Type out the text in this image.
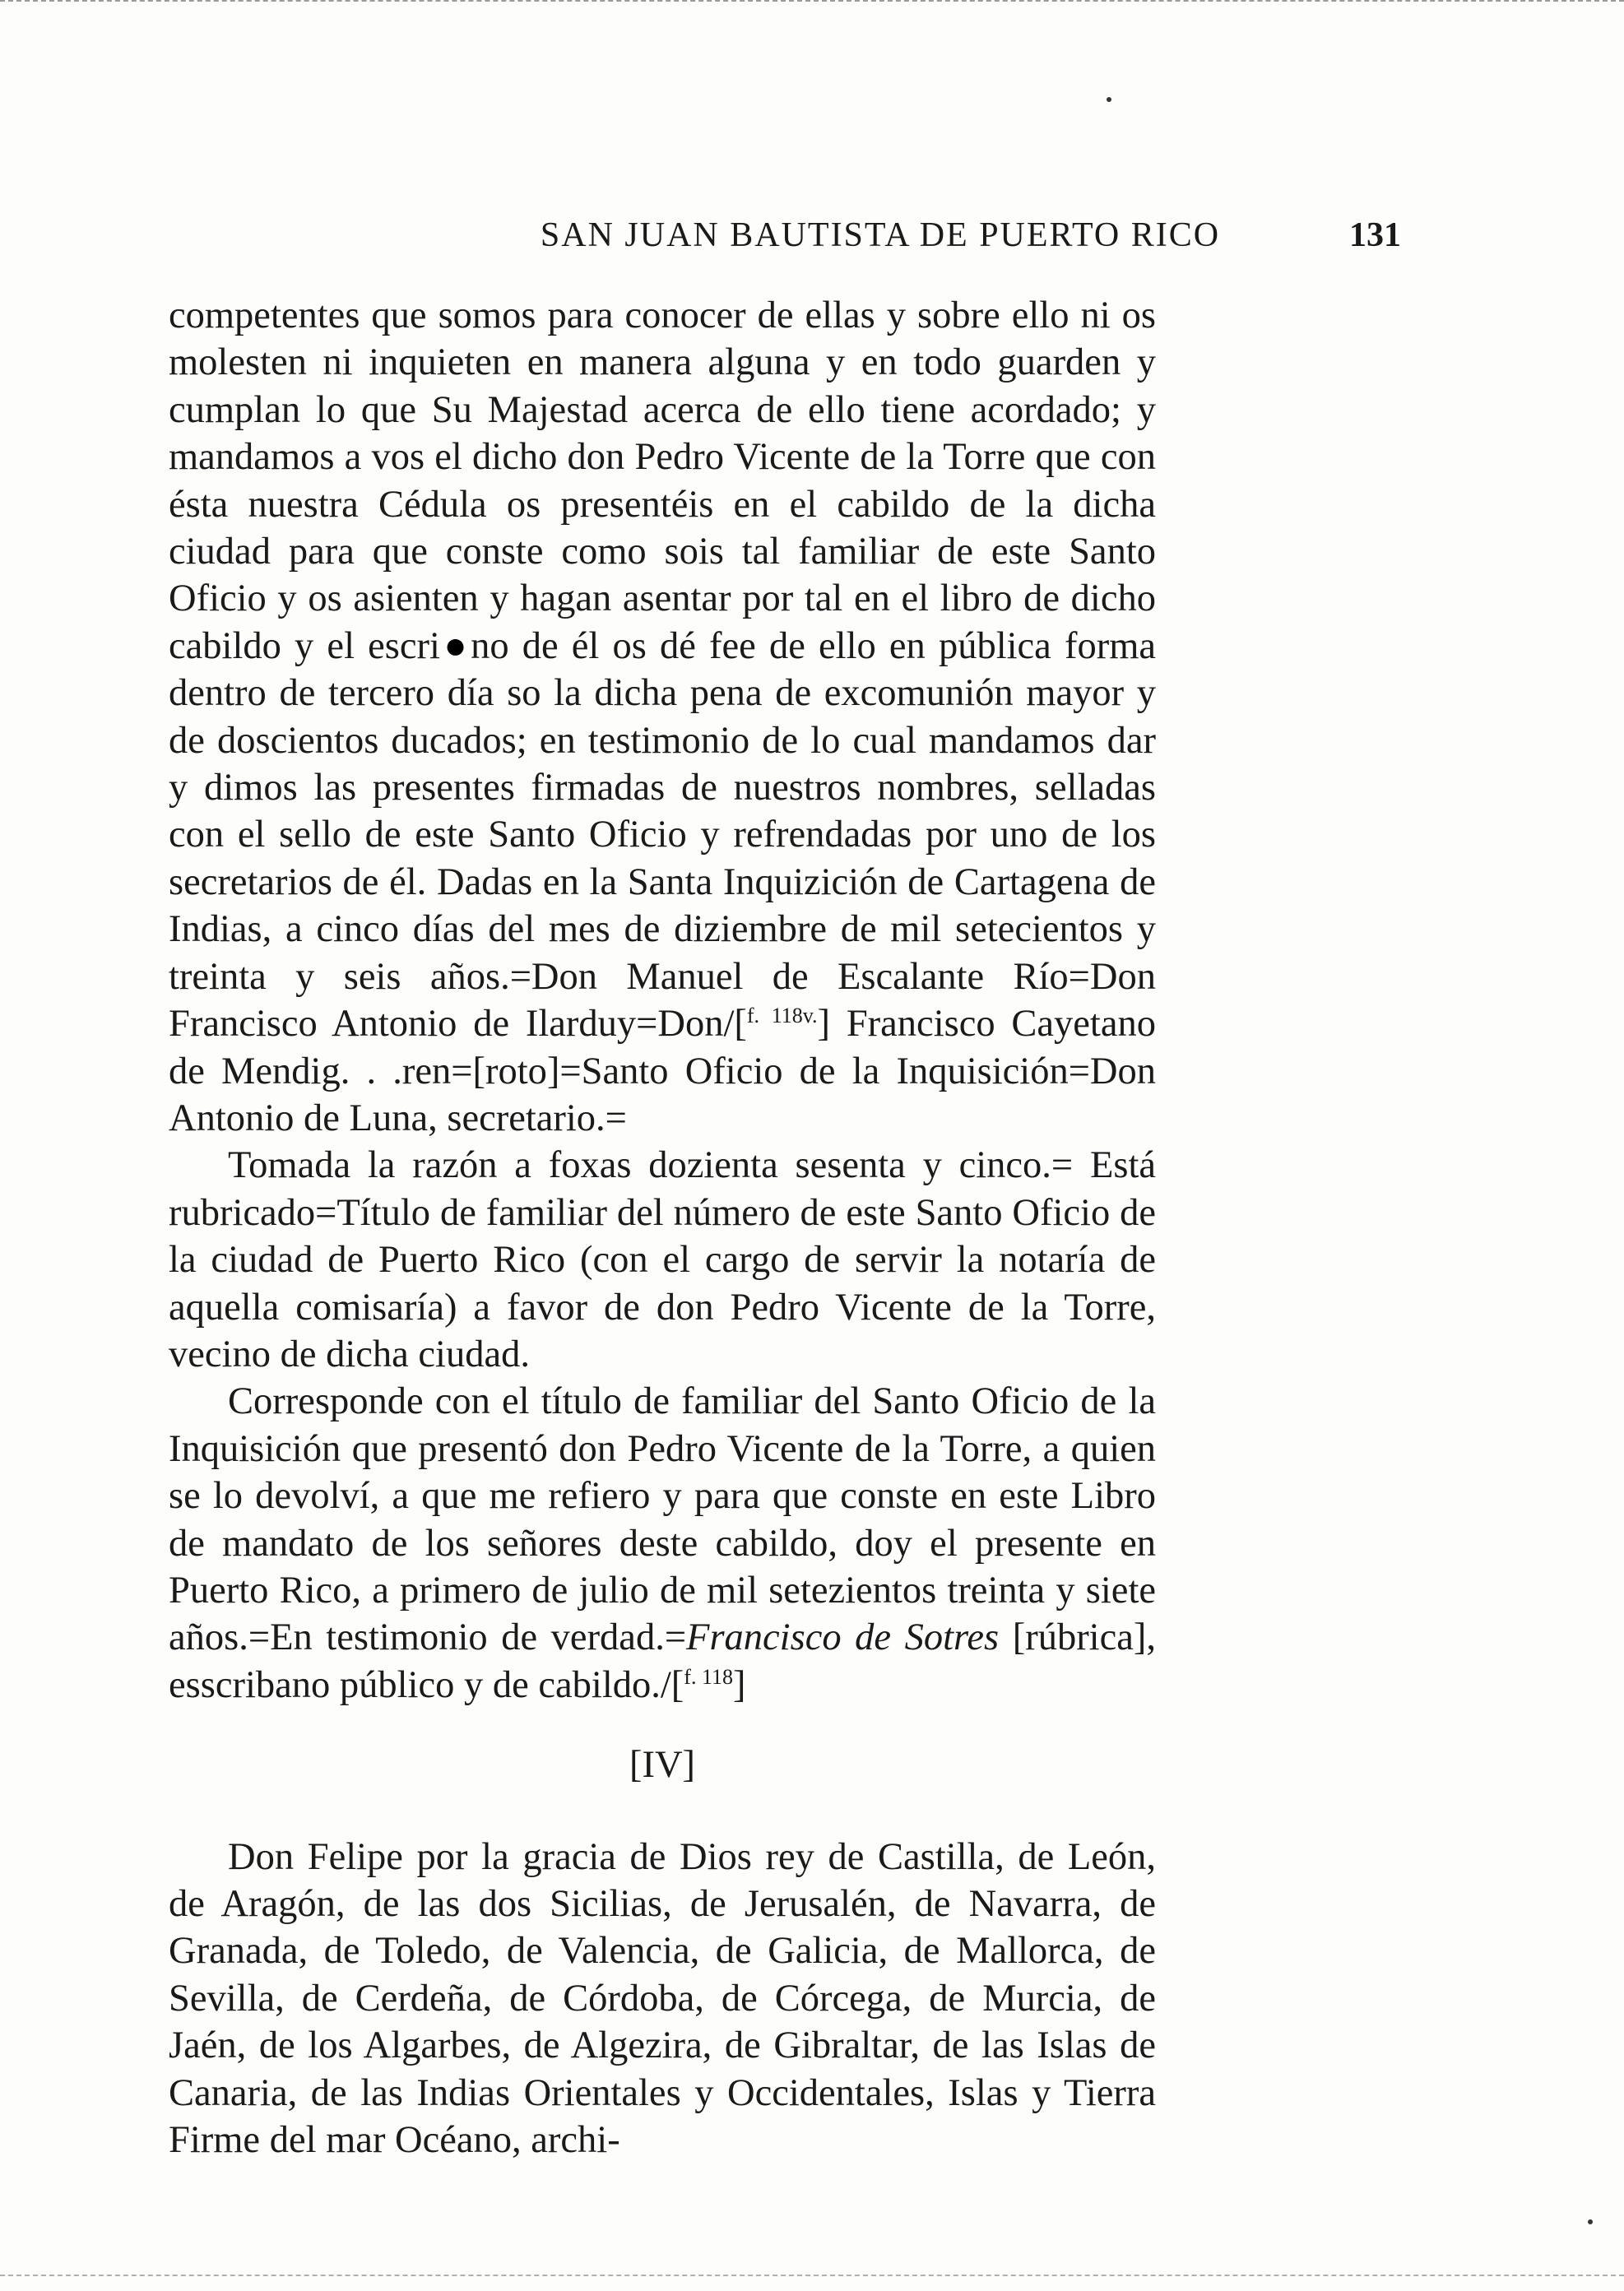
SAN JUAN BAUTISTA DE PUERTO RICO	131

competentes que somos para conocer de ellas y sobre ello ni os molesten ni inquieten en manera alguna y en todo guarden y cumplan lo que Su Majestad acerca de ello tiene acordado; y mandamos a vos el dicho don Pedro Vicente de la Torre que con ésta nuestra Cédula os presentéis en el cabildo de la dicha ciudad para que conste como sois tal familiar de este Santo Oficio y os asienten y hagan asentar por tal en el libro de dicho cabildo y el escri●no de él os dé fee de ello en pública forma dentro de tercero día so la dicha pena de excomunión mayor y de doscientos ducados; en testimonio de lo cual mandamos dar y dimos las presentes firmadas de nuestros nombres, selladas con el sello de este Santo Oficio y refrendadas por uno de los secretarios de él. Dadas en la Santa Inquizición de Cartagena de Indias, a cinco días del mes de diziembre de mil setecientos y treinta y seis años.=Don Manuel de Escalante Río=Don Francisco Antonio de Ilarduy=Don/[$^{f. 118v.}$] Francisco Cayetano de Mendig. . .ren=[roto]=Santo Oficio de la Inquisición=Don Antonio de Luna, secretario.=

Tomada la razón a foxas dozienta sesenta y cinco.= Está rubricado=Título de familiar del número de este Santo Oficio de la ciudad de Puerto Rico (con el cargo de servir la notaría de aquella comisaría) a favor de don Pedro Vicente de la Torre, vecino de dicha ciudad.

Corresponde con el título de familiar del Santo Oficio de la Inquisición que presentó don Pedro Vicente de la Torre, a quien se lo devolví, a que me refiero y para que conste en este Libro de mandato de los señores deste cabildo, doy el presente en Puerto Rico, a primero de julio de mil setezientos treinta y siete años.=En testimonio de verdad.=Francisco de Sotres [rúbrica], esscribano público y de cabildo./[$^{f. 118}$]

[IV]

Don Felipe por la gracia de Dios rey de Castilla, de León, de Aragón, de las dos Sicilias, de Jerusalén, de Navarra, de Granada, de Toledo, de Valencia, de Galicia, de Mallorca, de Sevilla, de Cerdeña, de Córdoba, de Córcega, de Murcia, de Jaén, de los Algarbes, de Algezira, de Gibraltar, de las Islas de Canaria, de las Indias Orientales y Occidentales, Islas y Tierra Firme del mar Océano, archi-
